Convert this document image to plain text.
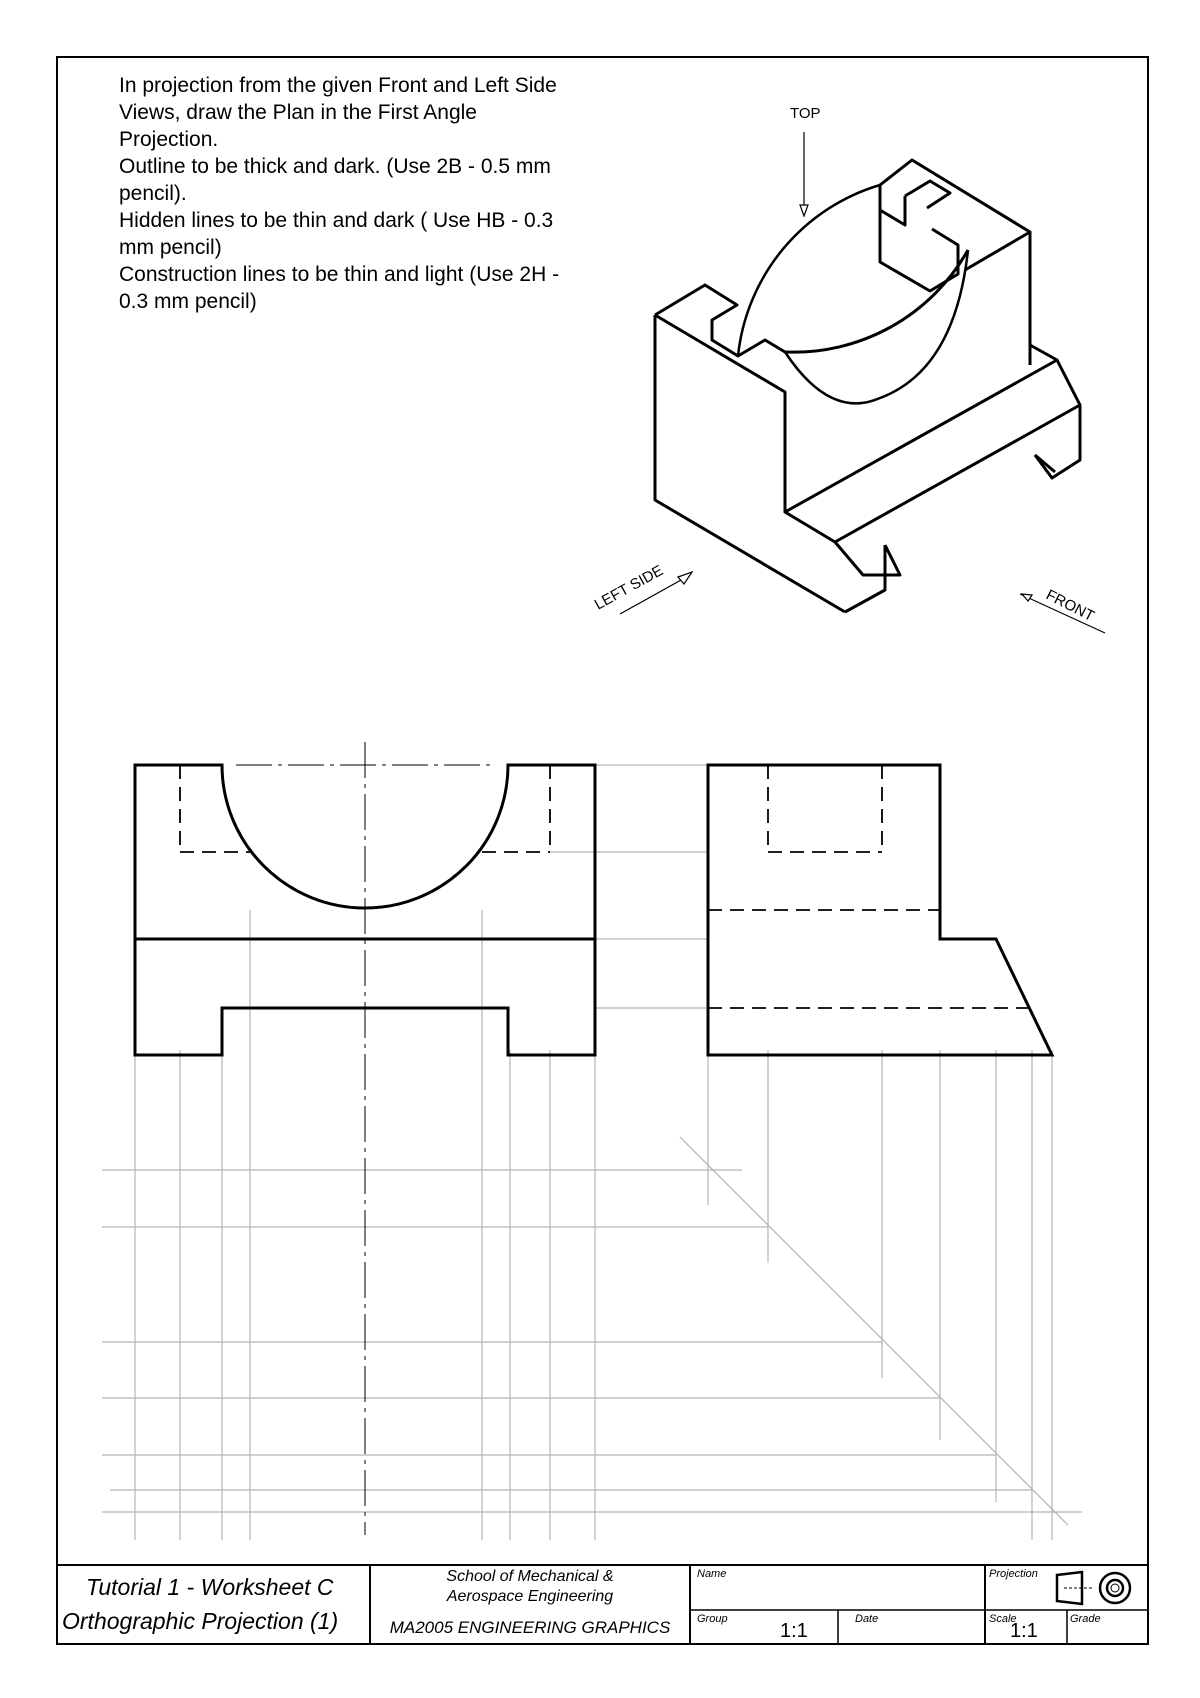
TOP
LEFT SIDE	FRONT
In projection from the given Front and Left Side
Views, draw the Plan in the First Angle
Projection.
Outline to be thick and dark. (Use 2B - 0.5 mm
pencil).
Hidden lines to be thin and dark ( Use HB - 0.3
mm pencil)
Construction lines to be thin and light (Use 2H -
0.3 mm pencil)
Tutorial 1 - Worksheet C
Orthographic Projection (1)
School of Mechanical &
Aerospace Engineering
MA2005 ENGINEERING GRAPHICS
Name
Group
1:1
Date
Projection
Scale
1:1
Grade
